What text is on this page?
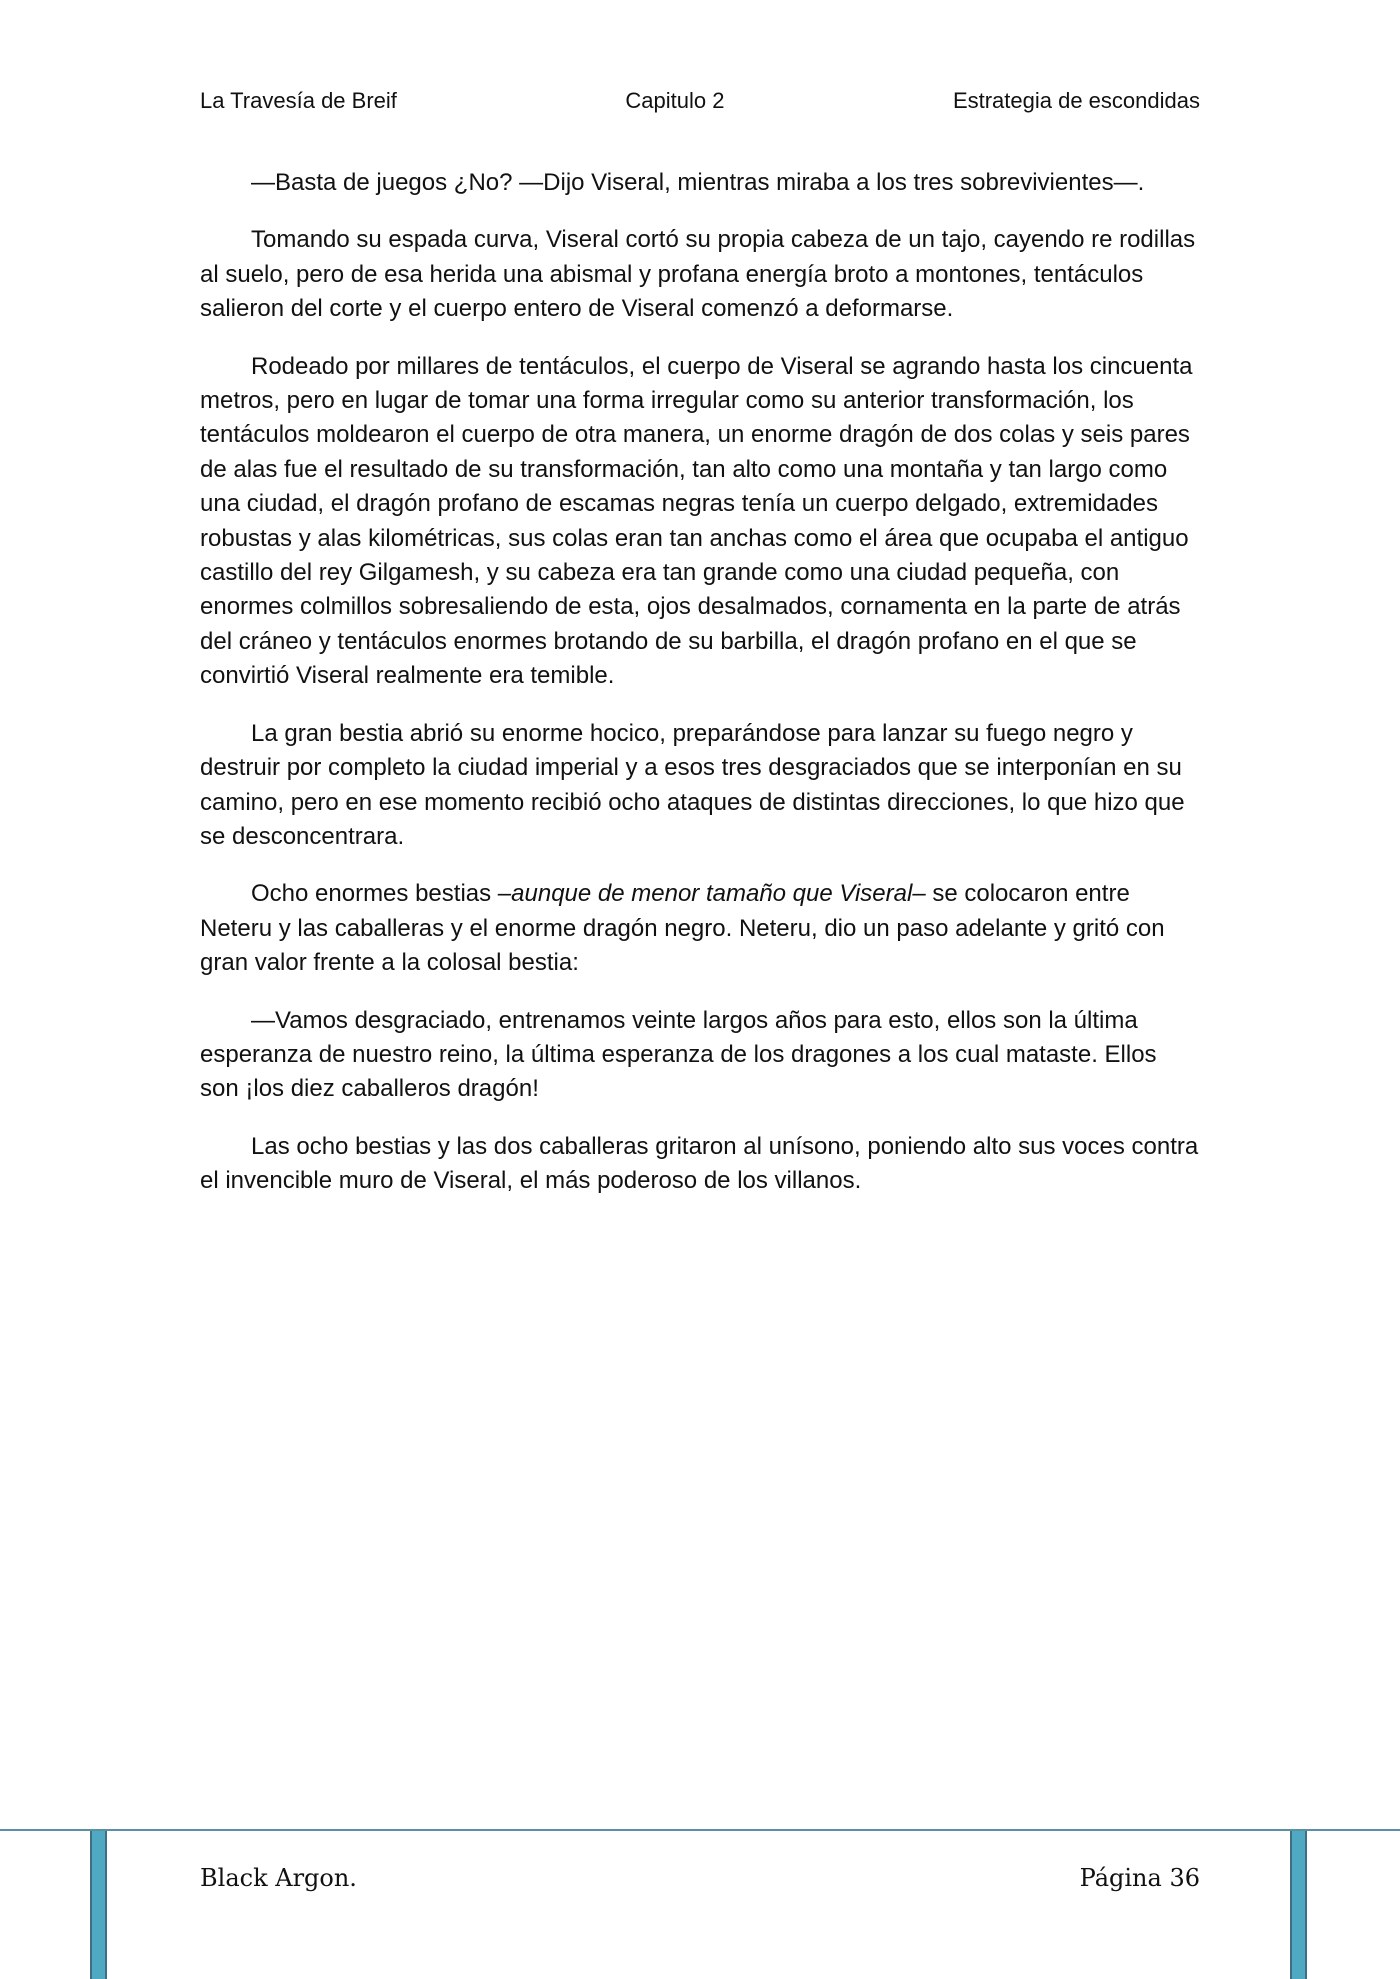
La Travesía de Breif	Capitulo 2	Estrategia de escondidas

—Basta de juegos ¿No? —Dijo Viseral, mientras miraba a los tres sobrevivientes—.

Tomando su espada curva, Viseral cortó su propia cabeza de un tajo, cayendo re rodillas al suelo, pero de esa herida una abismal y profana energía broto a montones, tentáculos salieron del corte y el cuerpo entero de Viseral comenzó a deformarse.

Rodeado por millares de tentáculos, el cuerpo de Viseral se agrando hasta los cincuenta metros, pero en lugar de tomar una forma irregular como su anterior transformación, los tentáculos moldearon el cuerpo de otra manera, un enorme dragón de dos colas y seis pares de alas fue el resultado de su transformación, tan alto como una montaña y tan largo como una ciudad, el dragón profano de escamas negras tenía un cuerpo delgado, extremidades robustas y alas kilométricas, sus colas eran tan anchas como el área que ocupaba el antiguo castillo del rey Gilgamesh, y su cabeza era tan grande como una ciudad pequeña, con enormes colmillos sobresaliendo de esta, ojos desalmados, cornamenta en la parte de atrás del cráneo y tentáculos enormes brotando de su barbilla, el dragón profano en el que se convirtió Viseral realmente era temible.

La gran bestia abrió su enorme hocico, preparándose para lanzar su fuego negro y destruir por completo la ciudad imperial y a esos tres desgraciados que se interponían en su camino, pero en ese momento recibió ocho ataques de distintas direcciones, lo que hizo que se desconcentrara.

Ocho enormes bestias –aunque de menor tamaño que Viseral– se colocaron entre Neteru y las caballeras y el enorme dragón negro. Neteru, dio un paso adelante y gritó con gran valor frente a la colosal bestia:

—Vamos desgraciado, entrenamos veinte largos años para esto, ellos son la última esperanza de nuestro reino, la última esperanza de los dragones a los cual mataste. Ellos son ¡los diez caballeros dragón!

Las ocho bestias y las dos caballeras gritaron al unísono, poniendo alto sus voces contra el invencible muro de Viseral, el más poderoso de los villanos.

Black Argon.	Página 36
